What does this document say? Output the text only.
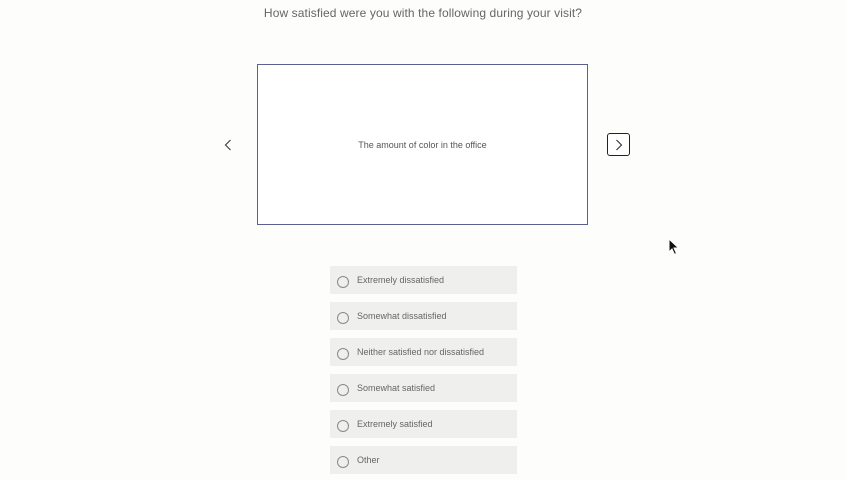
How satisfied were you with the following during your visit?
The amount of color in the office
Extremely dissatisfied
Somewhat dissatisfied
Neither satisfied nor dissatisfied
Somewhat satisfied
Extremely satisfied
Other
